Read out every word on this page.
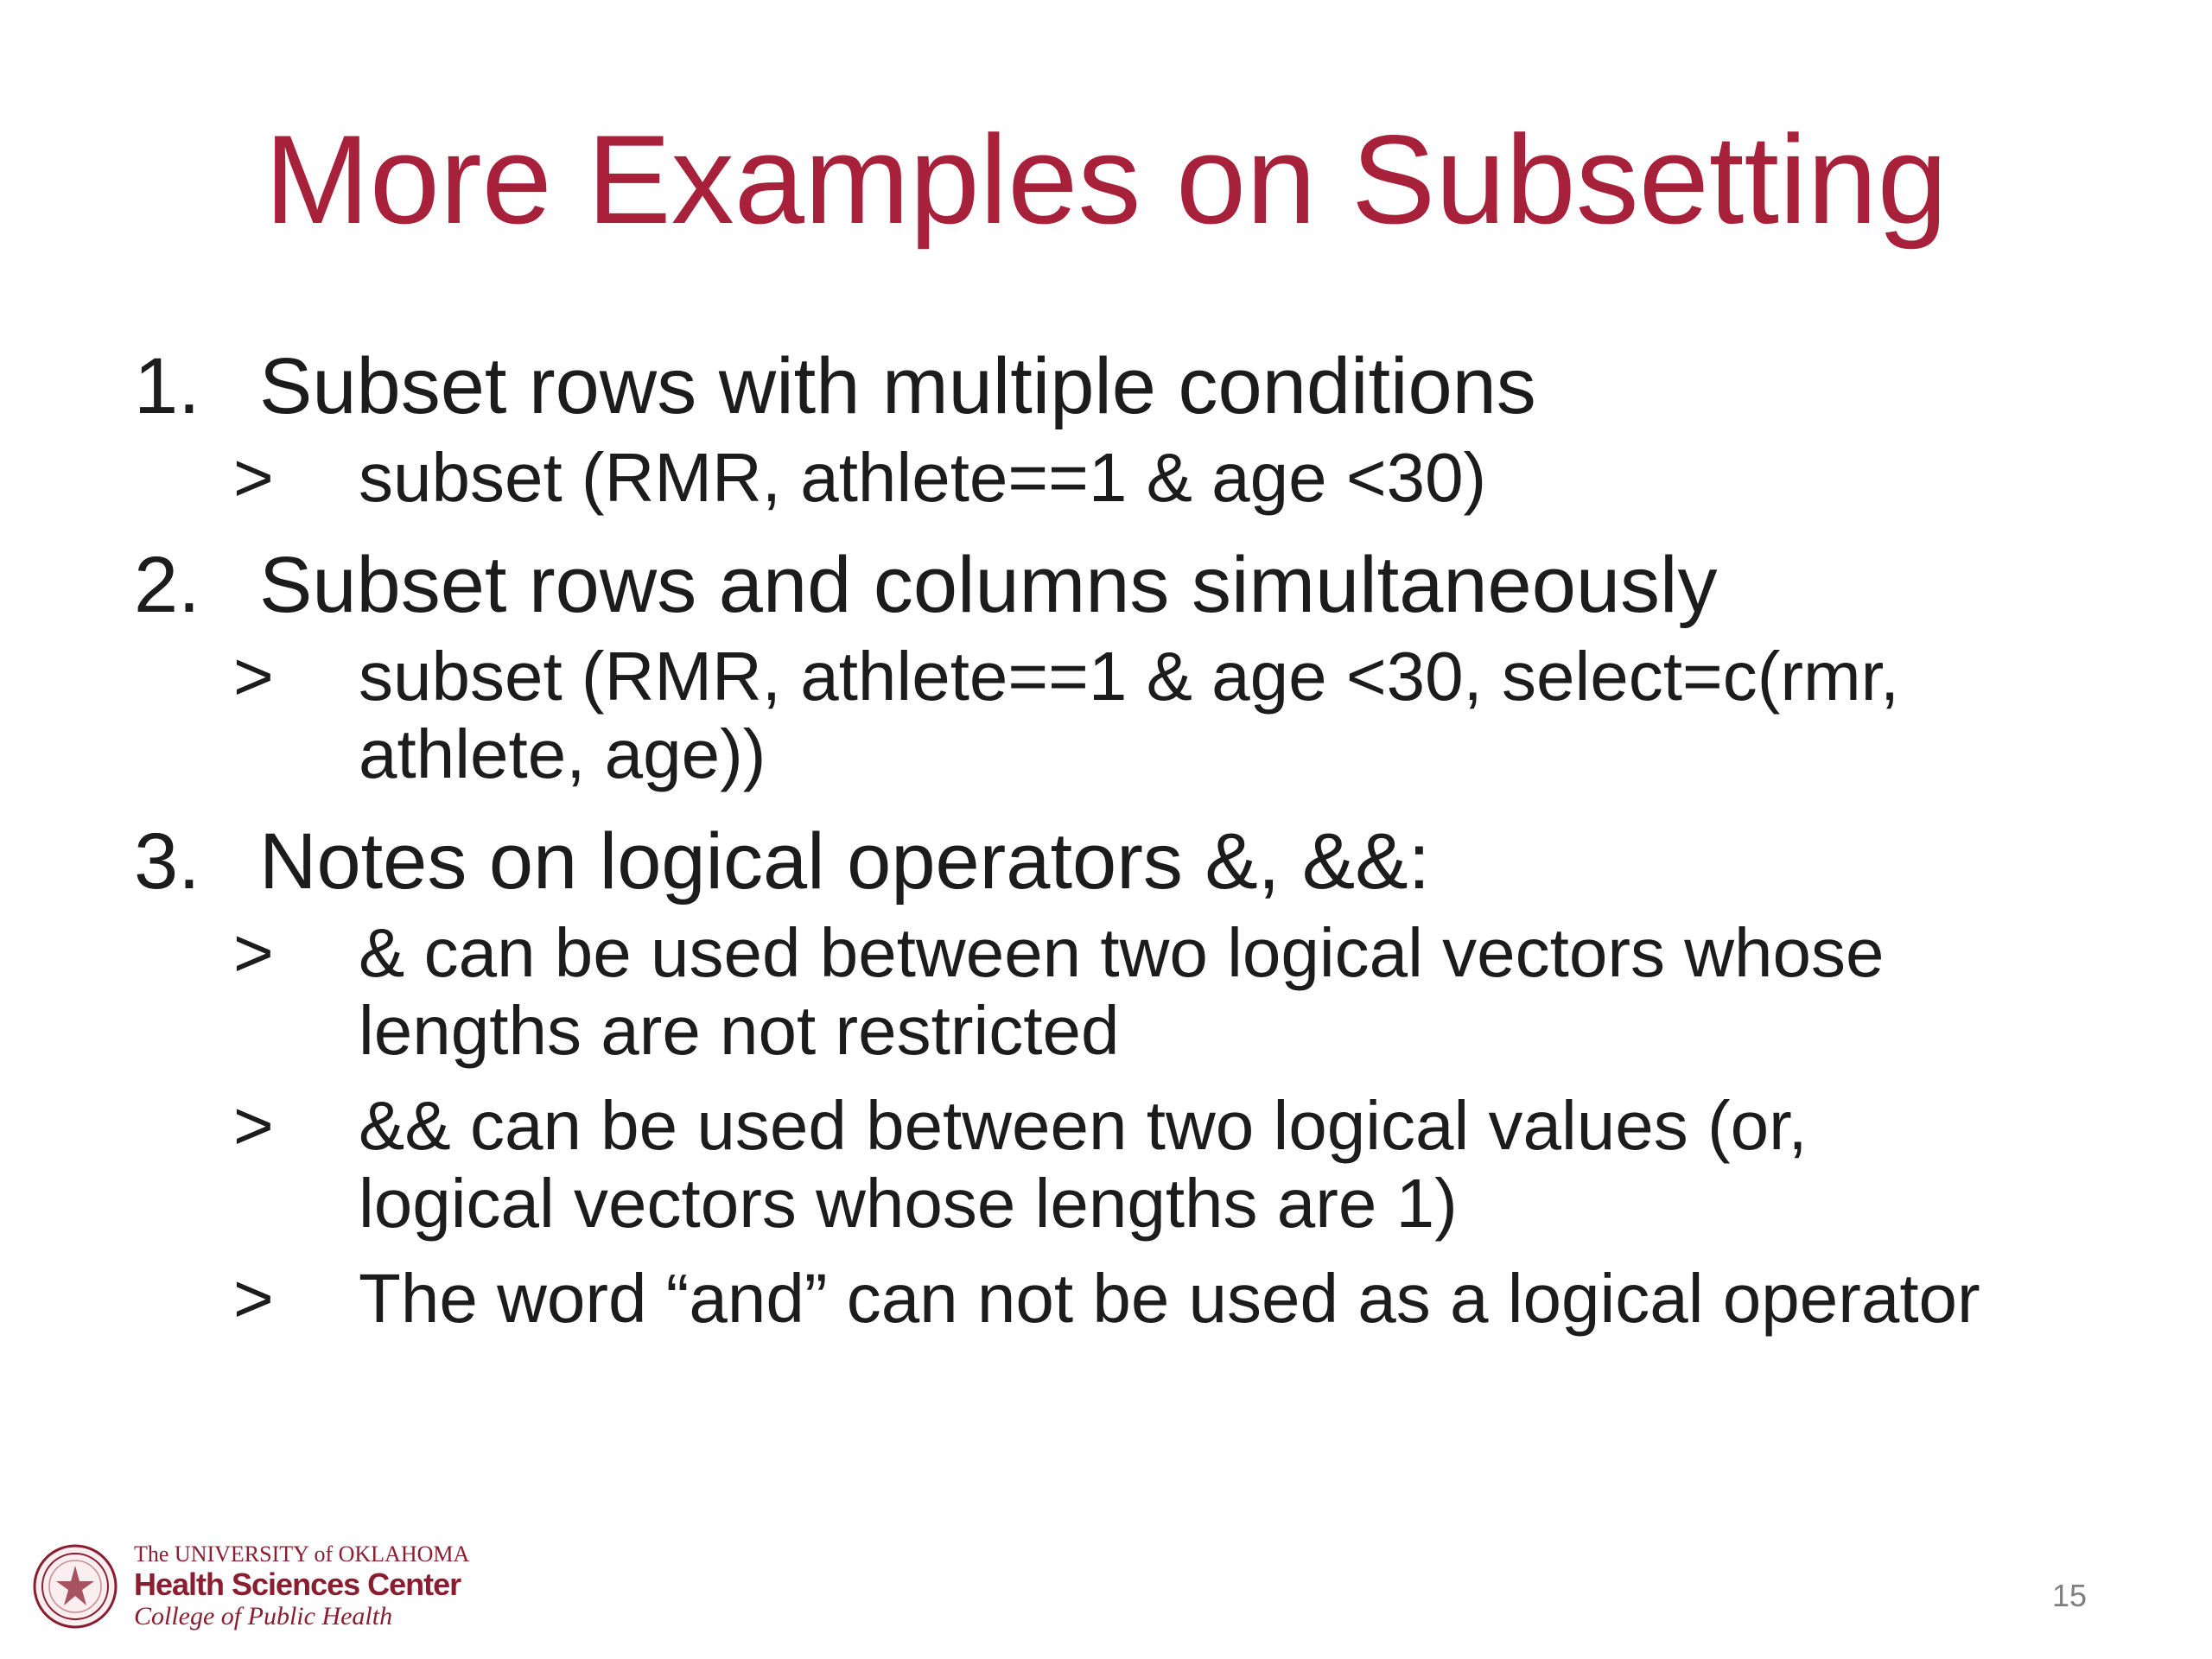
More Examples on Subsetting
1. Subset rows with multiple conditions
> subset (RMR, athlete==1 & age <30)
2. Subset rows and columns simultaneously
> subset (RMR, athlete==1 & age <30, select=c(rmr,
athlete, age))
3. Notes on logical operators &, &&:
> & can be used between two logical vectors whose
lengths are not restricted
> && can be used between two logical values (or,
logical vectors whose lengths are 1)
> The word “and” can not be used as a logical operator
The UNIVERSITY of OKLAHOMA
Health Sciences Center
College of Public Health
15
